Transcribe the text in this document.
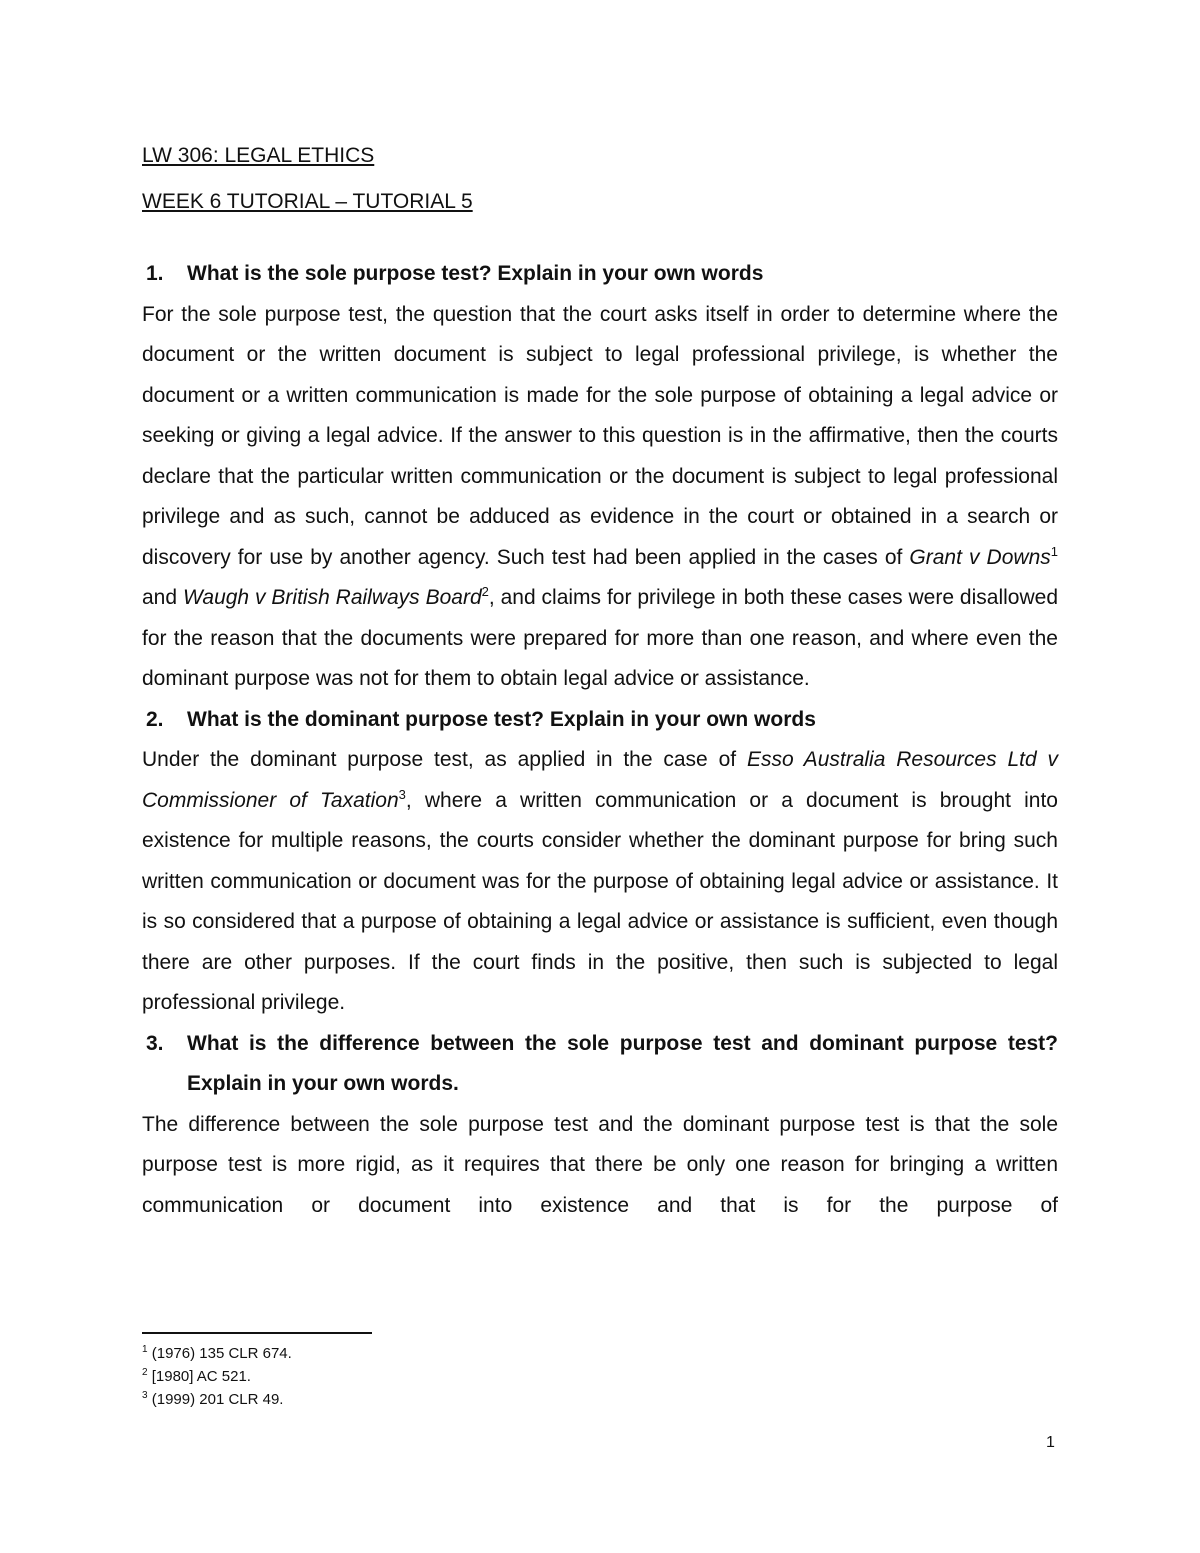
LW 306: LEGAL ETHICS

WEEK 6 TUTORIAL – TUTORIAL 5

1.	What is the sole purpose test? Explain in your own words

For the sole purpose test, the question that the court asks itself in order to determine where the document or the written document is subject to legal professional privilege, is whether the document or a written communication is made for the sole purpose of obtaining a legal advice or seeking or giving a legal advice. If the answer to this question is in the affirmative, then the courts declare that the particular written communication or the document is subject to legal professional privilege and as such, cannot be adduced as evidence in the court or obtained in a search or discovery for use by another agency. Such test had been applied in the cases of Grant v Downs$^1$ and Waugh v British Railways Board$^2$, and claims for privilege in both these cases were disallowed for the reason that the documents were prepared for more than one reason, and where even the dominant purpose was not for them to obtain legal advice or assistance.

2.	What is the dominant purpose test? Explain in your own words

Under the dominant purpose test, as applied in the case of Esso Australia Resources Ltd v Commissioner of Taxation$^3$, where a written communication or a document is brought into existence for multiple reasons, the courts consider whether the dominant purpose for bring such written communication or document was for the purpose of obtaining legal advice or assistance. It is so considered that a purpose of obtaining a legal advice or assistance is sufficient, even though there are other purposes. If the court finds in the positive, then such is subjected to legal professional privilege.

3.	What is the difference between the sole purpose test and dominant purpose test? Explain in your own words.

The difference between the sole purpose test and the dominant purpose test is that the sole purpose test is more rigid, as it requires that there be only one reason for bringing a written communication or document into existence and that is for the purpose of

$^1$ (1976) 135 CLR 674.
$^2$ [1980] AC 521.
$^3$ (1999) 201 CLR 49.
1
